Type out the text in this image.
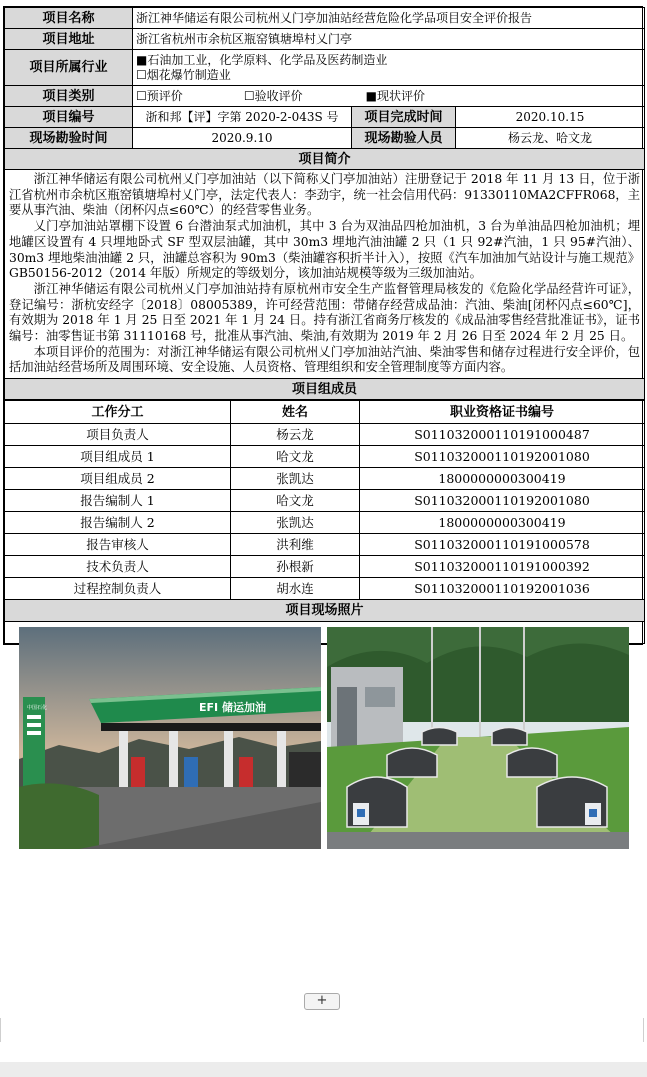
项目名称	浙江神华储运有限公司杭州乂门亭加油站经营危险化学品项目安全评价报告		
项目地址	浙江省杭州市余杭区瓶窑镇塘埠村乂门亭		
项目所属行业	■石油加工业，化学原料、化学品及医药制造业
☐烟花爆竹制造业		

项目类别	☐预评价 ☐验收评价 ■现状评价		
项目编号	浙和邦【评】字第 2020-2-043S 号	项目完成时间	2020.10.15
现场勘验时间	2020.9.10	现场勘验人员	杨云龙、哈文龙
项目简介			

浙江神华储运有限公司杭州乂门亭加油站（以下简称乂门亭加油站）注册登记于 2018 年 11 月 13 日，位于浙江省杭州市余杭区瓶窑镇塘埠村乂门亭，法定代表人：李劲宇，统一社会信用代码：91330110MA2CFFR068，主要从事汽油、柴油（闭杯闪点≤60℃）的经营零售业务。

乂门亭加油站罩棚下设置 6 台潜油泵式加油机，其中 3 台为双油品四枪加油机，3 台为单油品四枪加油机；埋地罐区设置有 4 只埋地卧式 SF 型双层油罐，其中 30m3 埋地汽油油罐 2 只（1 只 92#汽油，1 只 95#汽油）、30m3 埋地柴油油罐 2 只，油罐总容积为 90m3（柴油罐容积折半计入），按照《汽车加油加气站设计与施工规范》GB50156-2012（2014 年版）所规定的等级划分，该加油站规模等级为三级加油站。

浙江神华储运有限公司杭州乂门亭加油站持有原杭州市安全生产监督管理局核发的《危险化学品经营许可证》，登记编号：浙杭安经字〔2018〕08005389，许可经营范围：带储存经营成品油：汽油、柴油[闭杯闪点≤60℃]，有效期为 2018 年 1 月 25 日至 2021 年 1 月 24 日。持有浙江省商务厅核发的《成品油零售经营批准证书》，证书编号：油零售证书第 31110168 号，批准从事汽油、柴油,有效期为 2019 年 2 月 26 日至 2024 年 2 月 25 日。

本项目评价的范围为：对浙江神华储运有限公司杭州乂门亭加油站汽油、柴油零售和储存过程进行安全评价，包括加油站经营场所及周围环境、安全设施、人员资格、管理组织和安全管理制度等方面内容。			

项目组成员			
工作分工	姓名	职业资格证书编号
项目负责人	杨云龙	S011032000110191000487
项目组成员 1	哈文龙	S011032000110192001080
项目组成员 2	张凯达	1800000000300419
报告编制人 1	哈文龙	S011032000110192001080
报告编制人 2	张凯达	1800000000300419
报告审核人	洪利维	S011032000110191000578
技术负责人	孙根新	S011032000110191000392
过程控制负责人	胡水连	S011032000110192001036
项目现场照片		

EFI 储运加油
中国石化		
+
